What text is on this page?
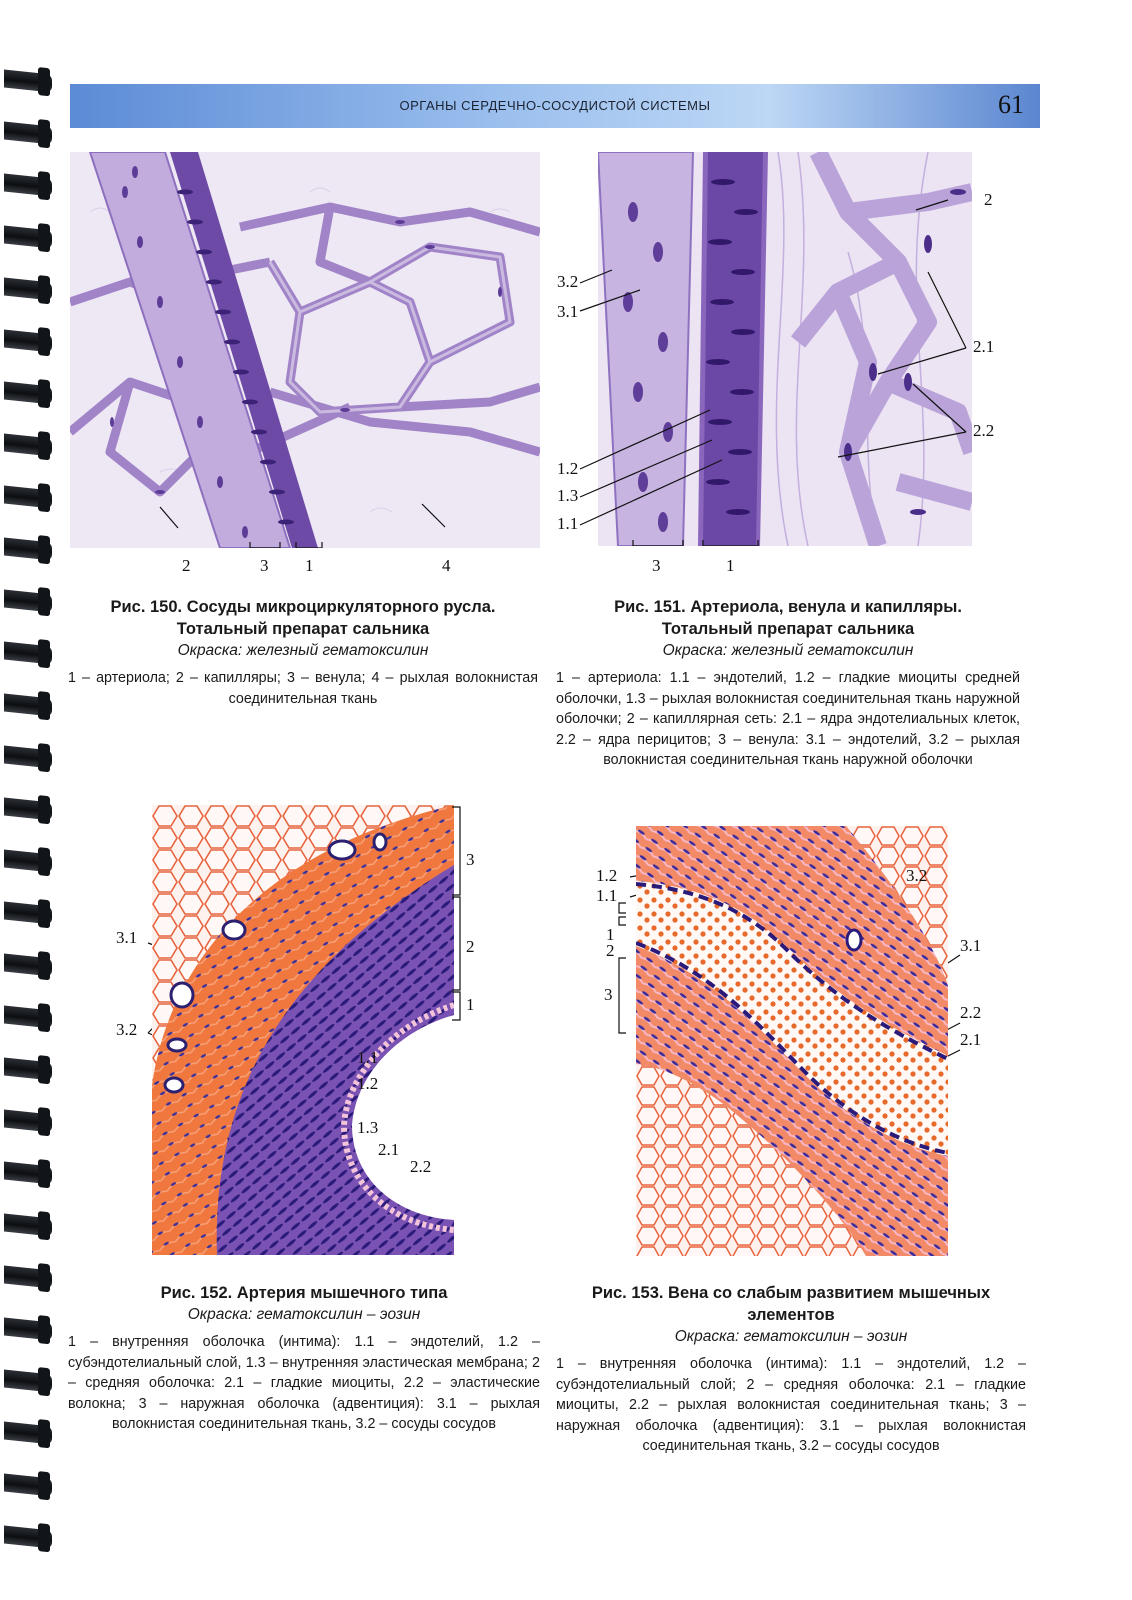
ОРГАНЫ СЕРДЕЧНО-СОСУДИСТОЙ СИСТЕМЫ	61
2	3 1	4
Рис. 150. Сосуды микроциркуляторного русла.
Тотальный препарат сальника
Окраска: железный гематоксилин
1 – артериола; 2 – капилляры; 3 – венула; 4 – рыхлая волокнистая соединительная ткань
2
2.1
2.2
3.2
3.1
1.2
1.3
1.1
3	1
Рис. 151. Артериола, венула и капилляры.
Тотальный препарат сальника
Окраска: железный гематоксилин
1 – артериола: 1.1 – эндотелий, 1.2 – гладкие миоциты средней оболочки, 1.3 – рыхлая волокнистая соединительная ткань наружной оболочки; 2 – капиллярная сеть: 2.1 – ядра эндотелиальных клеток, 2.2 – ядра перицитов; 3 – венула: 3.1 – эндотелий, 3.2 – рыхлая волокнистая соединительная ткань наружной оболочки
3
2
1
3.1
3.2
1.1
1.2
1.3
2.1
2.2
Рис. 152. Артерия мышечного типа
Окраска: гематоксилин – эозин
1 – внутренняя оболочка (интима): 1.1 – эндотелий, 1.2 – субэндотелиальный слой, 1.3 – внутренняя эластическая мембрана; 2 – средняя оболочка: 2.1 – гладкие миоциты, 2.2 – эластические волокна; 3 – наружная оболочка (адвентиция): 3.1 – рыхлая волокнистая соединительная ткань, 3.2 – сосуды сосудов
1.2
1.1
1
2
3
3.2
3.1
2.2
2.1
Рис. 153. Вена со слабым развитием мышечных
элементов
Окраска: гематоксилин – эозин
1 – внутренняя оболочка (интима): 1.1 – эндотелий, 1.2 – субэндотелиальный слой; 2 – средняя оболочка: 2.1 – гладкие миоциты, 2.2 – рыхлая волокнистая соединительная ткань; 3 – наружная оболочка (адвентиция): 3.1 – рыхлая волокнистая соединительная ткань, 3.2 – сосуды сосудов
